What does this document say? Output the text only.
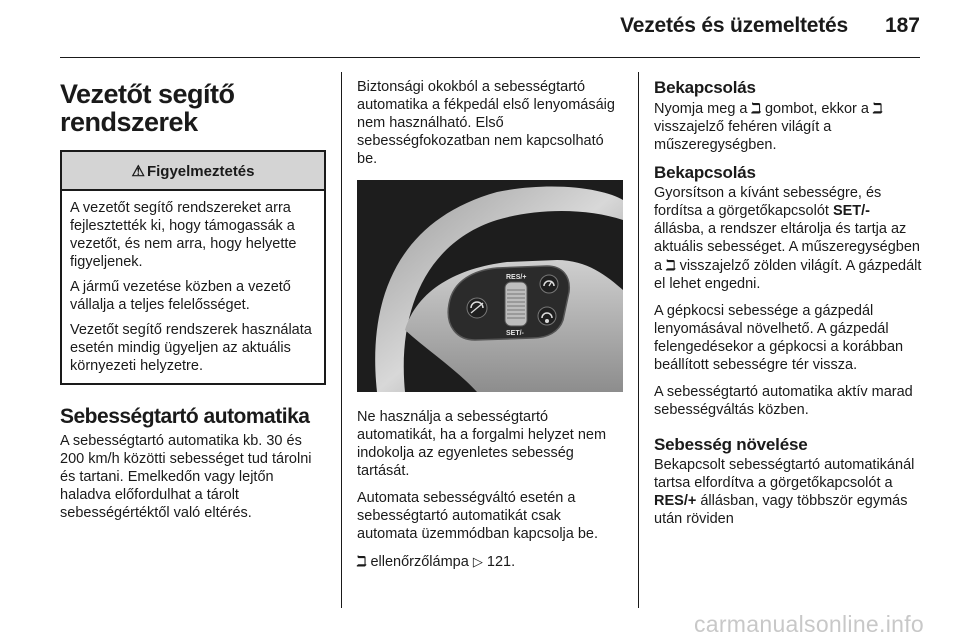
Vezetés és üzemeltetés 187
Vezetőt segítő rendszerek
⚠ Figyelmeztetés

A vezetőt segítő rendszereket arra fejlesztették ki, hogy támogassák a vezetőt, és nem arra, hogy helyette figyeljenek.

A jármű vezetése közben a vezető vállalja a teljes felelősséget.

Vezetőt segítő rendszerek használata esetén mindig ügyeljen az aktuális környezeti helyzetre.

Sebességtartó automatika

A sebességtartó automatika kb. 30 és 200 km/h közötti sebességet tud tárolni és tartani. Emelkedőn vagy lejtőn haladva előfordulhat a tárolt sebességértéktől való eltérés.

Biztonsági okokból a sebességtartó automatika a fékpedál első lenyomásáig nem használható. Első sebességfokozatban nem kapcsolható be.

RES/+
SET/-

Ne használja a sebességtartó automatikát, ha a forgalmi helyzet nem indokolja az egyenletes sebesség tartását.

Automata sebességváltó esetén a sebességtartó automatikát csak automata üzemmódban kapcsolja be.

ℶ ellenőrzőlámpa ▷ 121.

Bekapcsolás

Nyomja meg a ℶ gombot, ekkor a ℶ visszajelző fehéren világít a műszeregységben.

Bekapcsolás

Gyorsítson a kívánt sebességre, és fordítsa a görgetőkapcsolót SET/- állásba, a rendszer eltárolja és tartja az aktuális sebességet. A műszeregységben a ℶ visszajelző zölden világít. A gázpedált el lehet engedni.

A gépkocsi sebessége a gázpedál lenyomásával növelhető. A gázpedál felengedésekor a gépkocsi a korábban beállított sebességre tér vissza.

A sebességtartó automatika aktív marad sebességváltás közben.

Sebesség növelése

Bekapcsolt sebességtartó automatikánál tartsa elfordítva a görgetőkapcsolót a RES/+ állásban, vagy többször egymás után röviden

carmanualsonline.info
